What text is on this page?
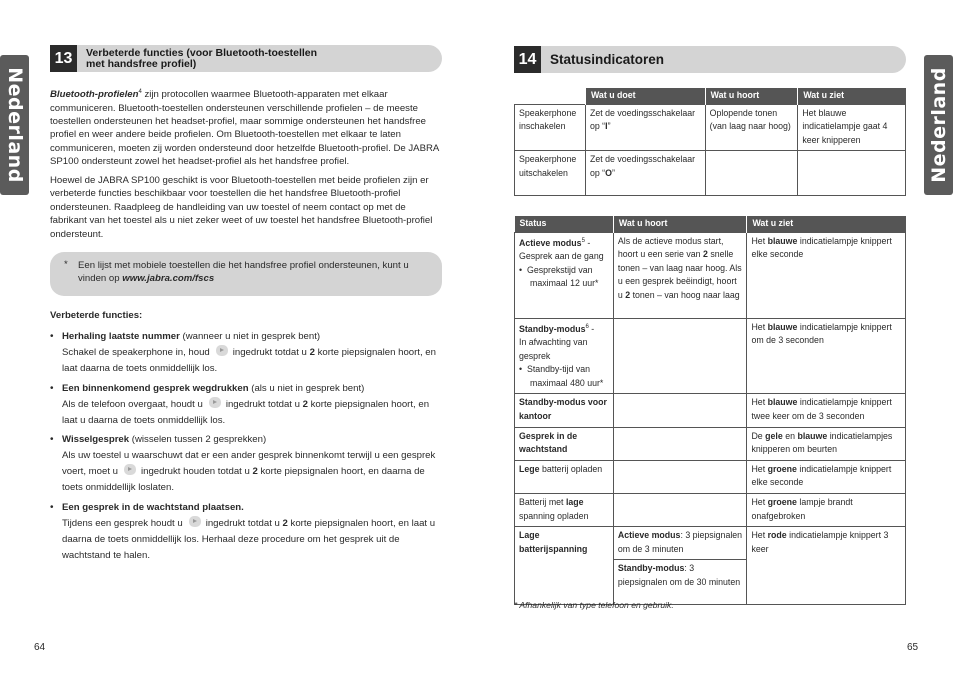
Nederland	Nederland
13	Verbeterde functies (voor Bluetooth-toestellen
met handsfree profiel)
Bluetooth-profielen$^4$ zijn protocollen waarmee Bluetooth-apparaten met elkaar communiceren. Bluetooth-toestellen ondersteunen verschillende profielen – de meeste toestellen ondersteunen het headset-profiel, maar sommige ondersteunen het handsfree profiel en weer andere beide profielen. Om Bluetooth-toestellen met elkaar te laten communiceren, moeten zij worden ondersteund door hetzelfde Bluetooth-profiel. De JABRA SP100 ondersteunt zowel het headset-profiel als het handsfree profiel.
Hoewel de JABRA SP100 geschikt is voor Bluetooth-toestellen met beide profielen zijn er verbeterde functies beschikbaar voor toestellen die het handsfree Bluetooth-profiel ondersteunen. Raadpleeg de handleiding van uw toestel of neem contact op met de fabrikant van het toestel als u niet zeker weet of uw toestel het handsfree Bluetooth-profiel ondersteunt.
* Een lijst met mobiele toestellen die het handsfree profiel ondersteunen, kunt u vinden op www.jabra.com/fscs
Verbeterde functies:
• Herhaling laatste nummer (wanneer u niet in gesprek bent)
Schakel de speakerphone in, houd ingedrukt totdat u 2 korte piepsignalen hoort, en laat daarna de toets onmiddellijk los.
• Een binnenkomend gesprek wegdrukken (als u niet in gesprek bent)
Als de telefoon overgaat, houdt u ingedrukt totdat u 2 korte piepsignalen hoort, en laat u daarna de toets onmiddellijk los.
• Wisselgesprek (wisselen tussen 2 gesprekken)
Als uw toestel u waarschuwt dat er een ander gesprek binnenkomt terwijl u een gesprek voert, moet u ingedrukt houden totdat u 2 korte piepsignalen hoort, en daarna de toets onmiddellijk loslaten.
• Een gesprek in de wachtstand plaatsen.
Tijdens een gesprek houdt u ingedrukt totdat u 2 korte piepsignalen hoort, en laat u daarna de toets onmiddellijk los. Herhaal deze procedure om het gesprek uit de wachtstand te halen.
64
14	Statusindicatoren
	Wat u doet	Wat u hoort	Wat u ziet
Speakerphone inschakelen	Zet de voedingsschakelaar op “I”	Oplopende tonen (van laag naar hoog)	Het blauwe indicatielampje gaat 4 keer knipperen
Speakerphone uitschakelen	Zet de voedingsschakelaar op “O”		
Status	Wat u hoort	Wat u ziet

Actieve modus$^5$ -
Gesprek aan de gang
• Gesprekstijd van maximaal 12 uur*	Als de actieve modus start, hoort u een serie van 2 snelle tonen – van laag naar hoog. Als u een gesprek beëindigt, hoort u 2 tonen – van hoog naar laag	Het blauwe indicatielampje knippert elke seconde

Standby-modus$^6$ -
In afwachting van gesprek
• Standby-tijd van maximaal 480 uur*		Het blauwe indicatielampje knippert om de 3 seconden
Standby-modus voor kantoor		Het blauwe indicatielampje knippert twee keer om de 3 seconden
Gesprek in de wachtstand		De gele en blauwe indicatielampjes knipperen om beurten
Lege batterij opladen		Het groene indicatielampje knippert elke seconde
Batterij met lage spanning opladen		Het groene lampje brandt onafgebroken
Lage batterijspanning	Actieve modus: 3 piepsignalen om de 3 minuten	Het rode indicatielampje knippert 3 keer
	Standby-modus: 3 piepsignalen om de 30 minuten	
* Afhankelijk van type telefoon en gebruik.
65
